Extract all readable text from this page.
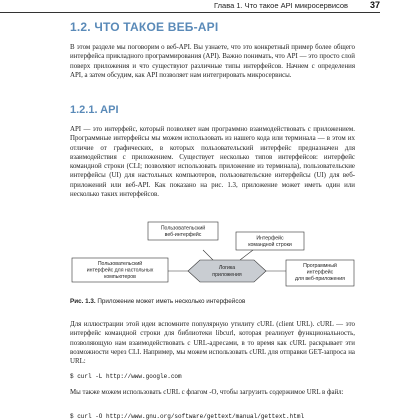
Глава 1. Что такое API микросервисов 37
1.2. ЧТО ТАКОЕ ВЕБ-API

В этом разделе мы поговорим о веб-API. Вы узнаете, что это конкретный пример более общего интерфейса прикладного программирования (API). Важно понимать, что API — это просто слой поверх приложения и что существуют различные типы интерфейсов. Начнем с определения API, а затем обсудим, как API позволяет нам интегрировать микросервисы.

1.2.1. API

API — это интерфейс, который позволяет нам программно взаимодействовать с приложением. Программные интерфейсы мы можем использовать из нашего кода или терминала — в этом их отличие от графических, в которых пользовательский интерфейс предназначен для взаимодействия с приложением. Существует несколько типов интерфейсов: интерфейс командной строки (CLI; позволяют использовать приложение из терминала), пользовательские интерфейсы (UI) для настольных компьютеров, пользовательские интерфейсы (UI) для веб-приложений или веб-API. Как показано на рис. 1.3, приложение может иметь один или несколько таких интерфейсов.

Пользовательский
веб-интерфейс
Интерфейс
командной строки
Пользовательский
интерфейс для настольных
компьютеров
Логика
приложения
Программный
интерфейс
для веб-приложения
Рис. 1.3. Приложение может иметь несколько интерфейсов

Для иллюстрации этой идеи вспомните популярную утилиту cURL (client URL). cURL — это интерфейс командной строки для библиотеки libcurl, которая реализует функциональность, позволяющую нам взаимодействовать с URL-адресами, в то время как cURL раскрывает эти возможности через CLI. Например, мы можем использовать cURL для отправки GET-запроса на URL:

$ curl -L http://www.google.com

Мы также можем использовать cURL с флагом -O, чтобы загрузить содержимое URL в файл:

$ curl -O http://www.gnu.org/software/gettext/manual/gettext.html
